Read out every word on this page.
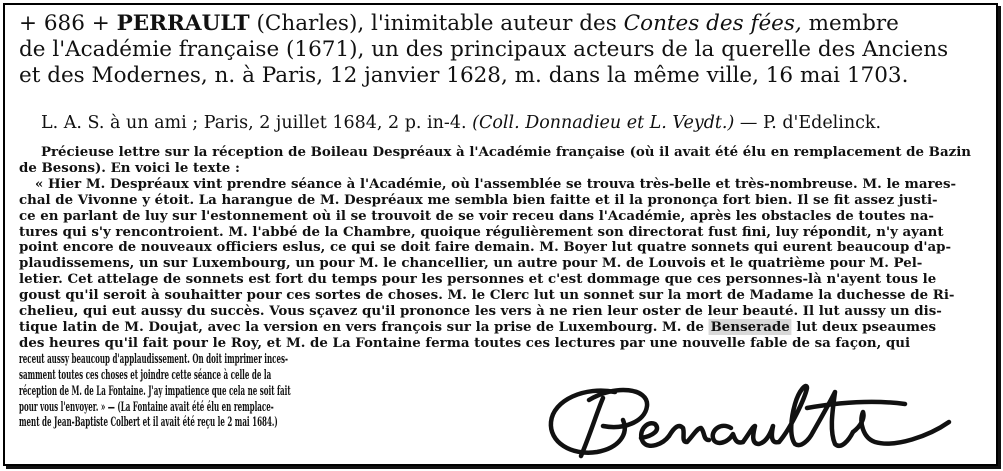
+ 686 + PERRAULT (Charles), l'inimitable auteur des Contes des fées, membre
de l'Académie française (1671), un des principaux acteurs de la querelle des Anciens
et des Modernes, n. à Paris, 12 janvier 1628, m. dans la même ville, 16 mai 1703.
L. A. S. à un ami ; Paris, 2 juillet 1684, 2 p. in-4. (Coll. Donnadieu et L. Veydt.) — P. d'Edelinck.
Précieuse lettre sur la réception de Boileau Despréaux à l'Académie française (où il avait été élu en remplacement de Bazin
de Besons). En voici le texte :
« Hier M. Despréaux vint prendre séance à l'Académie, où l'assemblée se trouva très-belle et très-nombreuse. M. le mares-
chal de Vivonne y étoit. La harangue de M. Despréaux me sembla bien faitte et il la prononça fort bien. Il se fit assez justi-
ce en parlant de luy sur l'estonnement où il se trouvoit de se voir receu dans l'Académie, après les obstacles de toutes na-
tures qui s'y rencontroient. M. l'abbé de la Chambre, quoique régulièrement son directorat fust fini, luy répondit, n'y ayant
point encore de nouveaux officiers eslus, ce qui se doit faire demain. M. Boyer lut quatre sonnets qui eurent beaucoup d'ap-
plaudissemens, un sur Luxembourg, un pour M. le chancellier, un autre pour M. de Louvois et le quatrième pour M. Pel-
letier. Cet attelage de sonnets est fort du temps pour les personnes et c'est dommage que ces personnes-là n'ayent tous le
goust qu'il seroit à souhaitter pour ces sortes de choses. M. le Clerc lut un sonnet sur la mort de Madame la duchesse de Ri-
chelieu, qui eut aussy du succès. Vous sçavez qu'il prononce les vers à ne rien leur oster de leur beauté. Il lut aussy un dis-
tique latin de M. Doujat, avec la version en vers françois sur la prise de Luxembourg. M. de Benserade lut deux pseaumes
des heures qu'il fait pour le Roy, et M. de La Fontaine ferma toutes ces lectures par une nouvelle fable de sa façon, qui
receut aussy beaucoup d'applaudissement. On doit imprimer inces-
samment toutes ces choses et joindre cette séance à celle de la
réception de M. de La Fontaine. J'ay impatience que cela ne soit fait
pour vous l'envoyer. » — (La Fontaine avait été élu en remplace-
ment de Jean-Baptiste Colbert et il avait été reçu le 2 mai 1684.)
